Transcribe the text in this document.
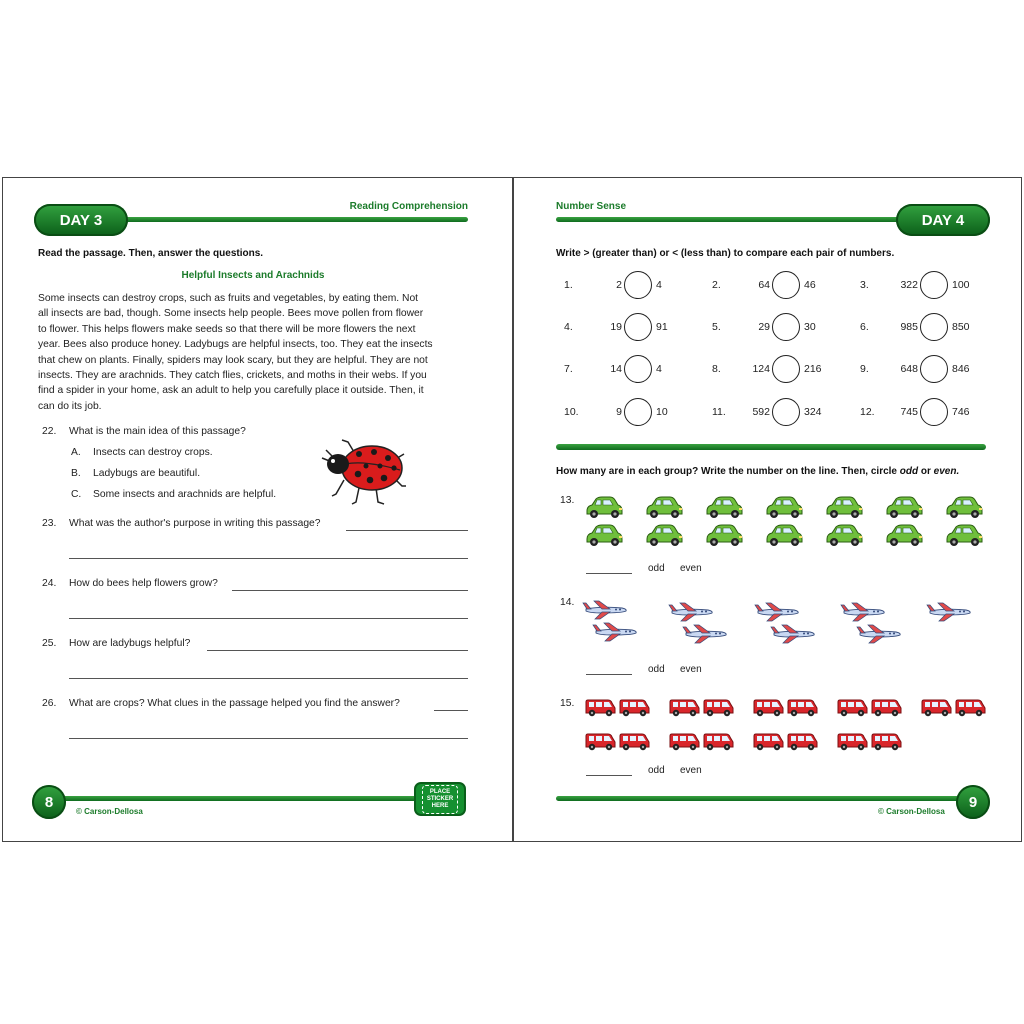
DAY 3
Reading Comprehension
Read the passage. Then, answer the questions.
Helpful Insects and Arachnids
Some insects can destroy crops, such as fruits and vegetables, by eating them. Not
all insects are bad, though. Some insects help people. Bees move pollen from flower
to flower. This helps flowers make seeds so that there will be more flowers the next
year. Bees also produce honey. Ladybugs are helpful insects, too. They eat the insects
that chew on plants. Finally, spiders may look scary, but they are helpful. They are not
insects. They are arachnids. They catch flies, crickets, and moths in their webs. If you
find a spider in your home, ask an adult to help you carefully place it outside. Then, it
can do its job.
22. What is the main idea of this passage?
A. Insects can destroy crops.
B. Ladybugs are beautiful.
C. Some insects and arachnids are helpful.
23. What was the author's purpose in writing this passage?
24. How do bees help flowers grow?
25. How are ladybugs helpful?
26. What are crops? What clues in the passage helped you find the answer?
8
© Carson-Dellosa
PLACE
STICKER
HERE
DAY 4
Number Sense
Write > (greater than) or < (less than) to compare each pair of numbers.
1.	2	4	2.	64	46	3.	322	100
4.	19	91	5.	29	30	6.	985	850
7.	14	4	8.	124	216	9.	648	846
10.	9	10	11.	592	324	12.	745	746
How many are in each group? Write the number on the line. Then, circle odd or even.
13.
odd even
14.
odd even
15.
odd even
9
© Carson-Dellosa
